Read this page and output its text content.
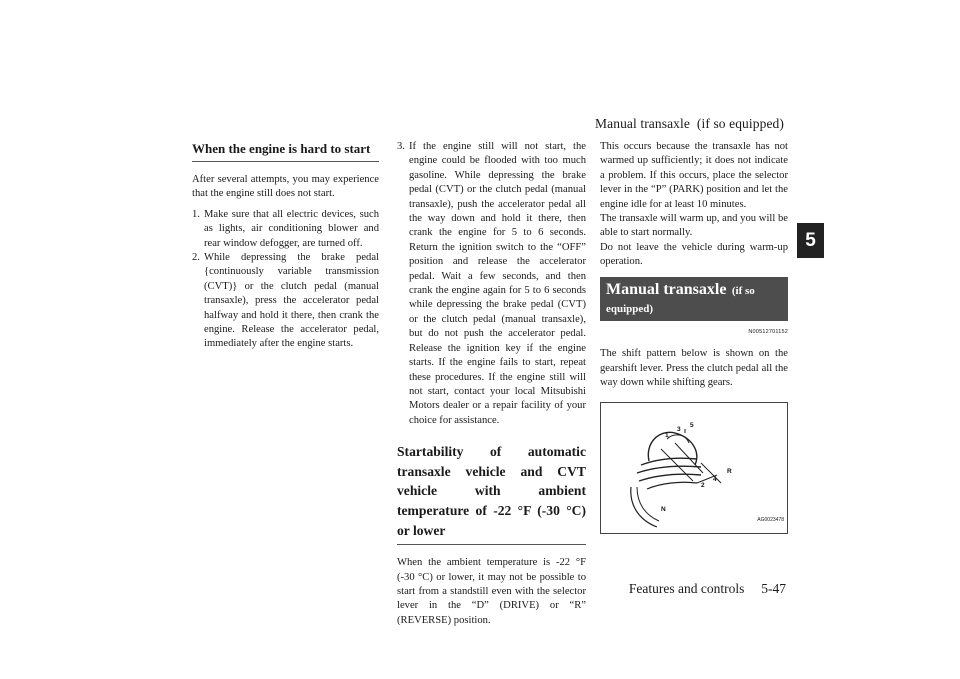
Manual transaxle  (if so equipped)
5
When the engine is hard to start

After several attempts, you may experience that the engine still does not start.

1. Make sure that all electric devices, such as lights, air conditioning blower and rear window defogger, are turned off.
2. While depressing the brake pedal {continuously variable transmission (CVT)} or the clutch pedal (manual transaxle), press the accelerator pedal halfway and hold it there, then crank the engine. Release the accelerator pedal, immediately after the engine starts.
3. If the engine still will not start, the engine could be flooded with too much gasoline. While depressing the brake pedal (CVT) or the clutch pedal (manual transaxle), push the accelerator pedal all the way down and hold it there, then crank the engine for 5 to 6 seconds. Return the ignition switch to the “OFF” position and release the accelerator pedal. Wait a few seconds, and then crank the engine again for 5 to 6 seconds while depressing the brake pedal (CVT) or the clutch pedal (manual transaxle), but do not push the accelerator pedal. Release the ignition key if the engine starts. If the engine fails to start, repeat these procedures. If the engine still will not start, contact your local Mitsubishi Motors dealer or a repair facility of your choice for assistance.
Startability of automatic transaxle vehicle and CVT vehicle with ambient temperature of -22 °F (-30 °C) or lower

When the ambient temperature is -22 °F (-30 °C) or lower, it may not be possible to start from a standstill even with the selector lever in the “D” (DRIVE) or “R” (REVERSE) position.

This occurs because the transaxle has not warmed up sufficiently; it does not indicate a problem. If this occurs, place the selector lever in the “P” (PARK) position and let the engine idle for at least 10 minutes.

The transaxle will warm up, and you will be able to start normally.

Do not leave the vehicle during warm-up operation.

Manual transaxle (if so
equipped)
N00512701152

The shift pattern below is shown on the gearshift lever. Press the clutch pedal all the way down while shifting gears.

1
3
5
2
4
R
N
AG0023478
Features and controls     5-47
